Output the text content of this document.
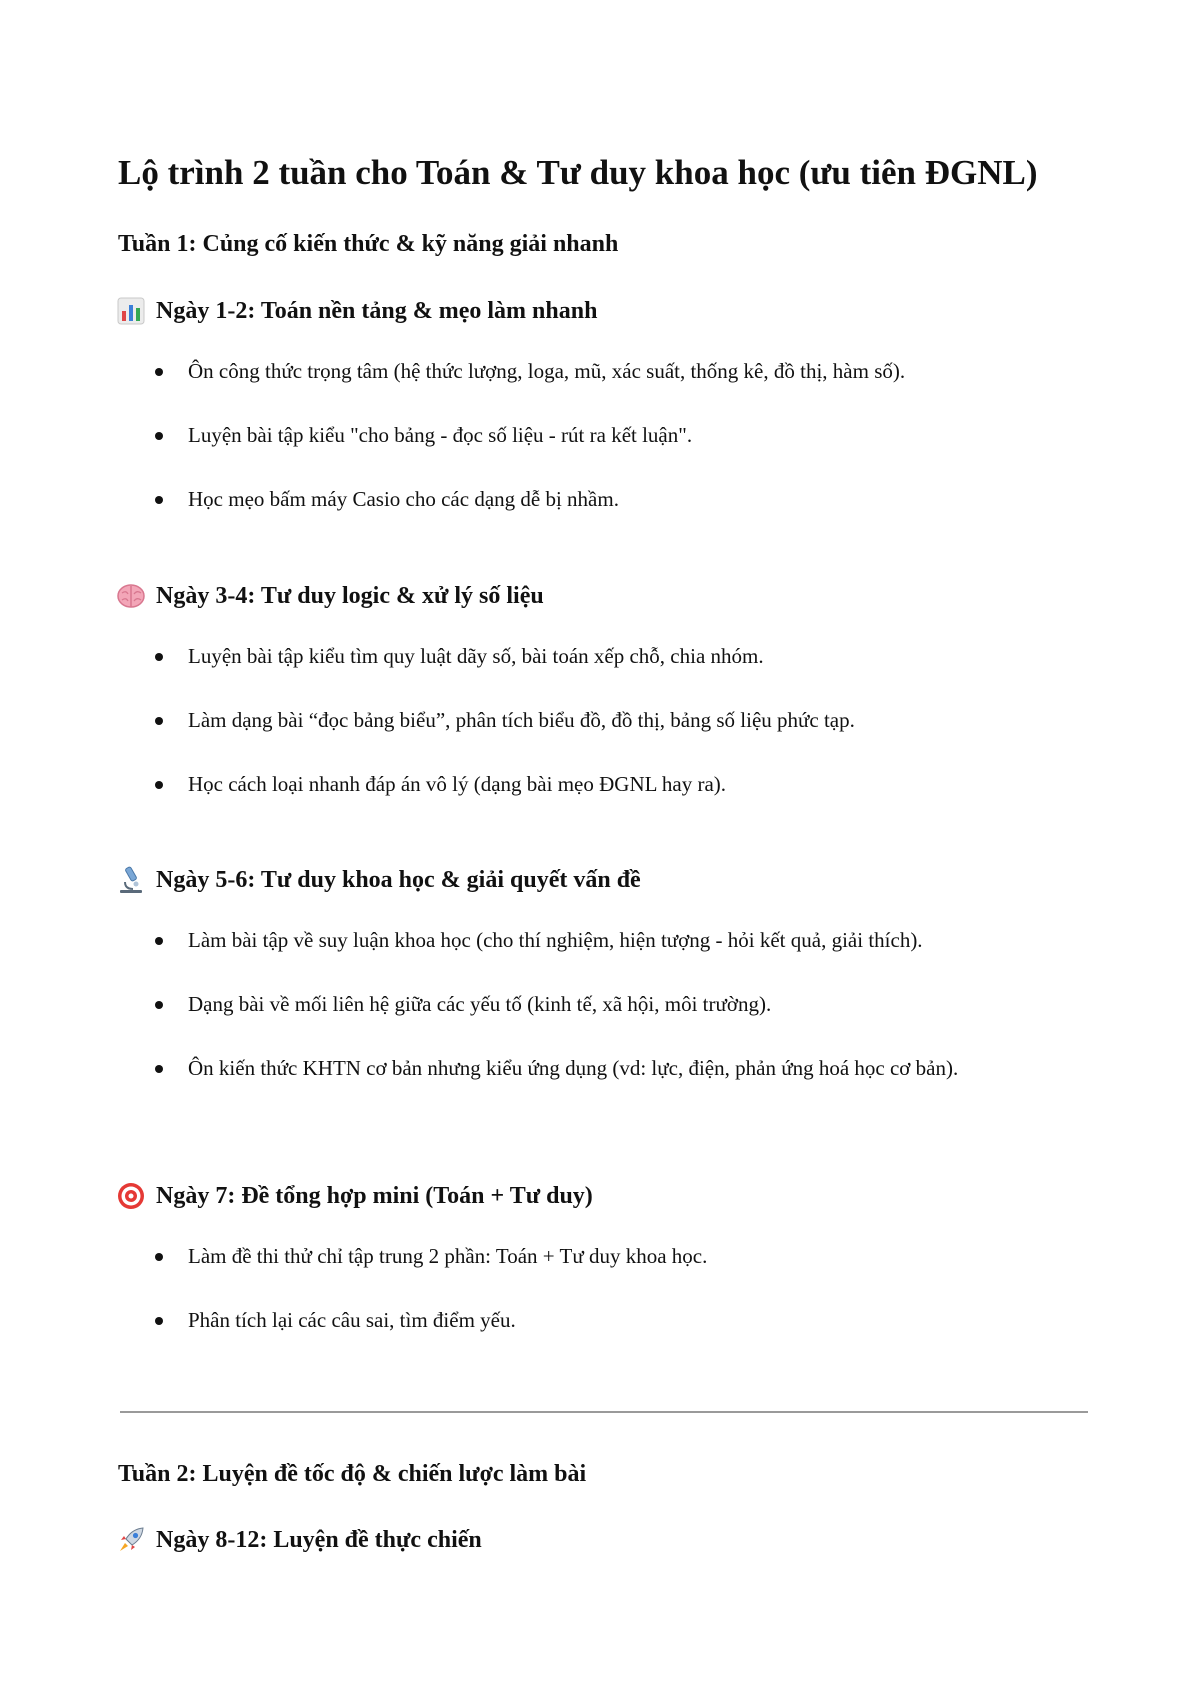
Lộ trình 2 tuần cho Toán & Tư duy khoa học (ưu tiên ĐGNL)
Tuần 1: Củng cố kiến thức & kỹ năng giải nhanh
Ngày 1-2: Toán nền tảng & mẹo làm nhanh
Ôn công thức trọng tâm (hệ thức lượng, loga, mũ, xác suất, thống kê, đồ thị, hàm số).
Luyện bài tập kiểu "cho bảng - đọc số liệu - rút ra kết luận".
Học mẹo bấm máy Casio cho các dạng dễ bị nhầm.
Ngày 3-4: Tư duy logic & xử lý số liệu
Luyện bài tập kiểu tìm quy luật dãy số, bài toán xếp chỗ, chia nhóm.
Làm dạng bài “đọc bảng biểu”, phân tích biểu đồ, đồ thị, bảng số liệu phức tạp.
Học cách loại nhanh đáp án vô lý (dạng bài mẹo ĐGNL hay ra).
Ngày 5-6: Tư duy khoa học & giải quyết vấn đề
Làm bài tập về suy luận khoa học (cho thí nghiệm, hiện tượng - hỏi kết quả, giải thích).
Dạng bài về mối liên hệ giữa các yếu tố (kinh tế, xã hội, môi trường).
Ôn kiến thức KHTN cơ bản nhưng kiểu ứng dụng (vd: lực, điện, phản ứng hoá học cơ bản).
Ngày 7: Đề tổng hợp mini (Toán + Tư duy)
Làm đề thi thử chỉ tập trung 2 phần: Toán + Tư duy khoa học.
Phân tích lại các câu sai, tìm điểm yếu.
Tuần 2: Luyện đề tốc độ & chiến lược làm bài
Ngày 8-12: Luyện đề thực chiến
